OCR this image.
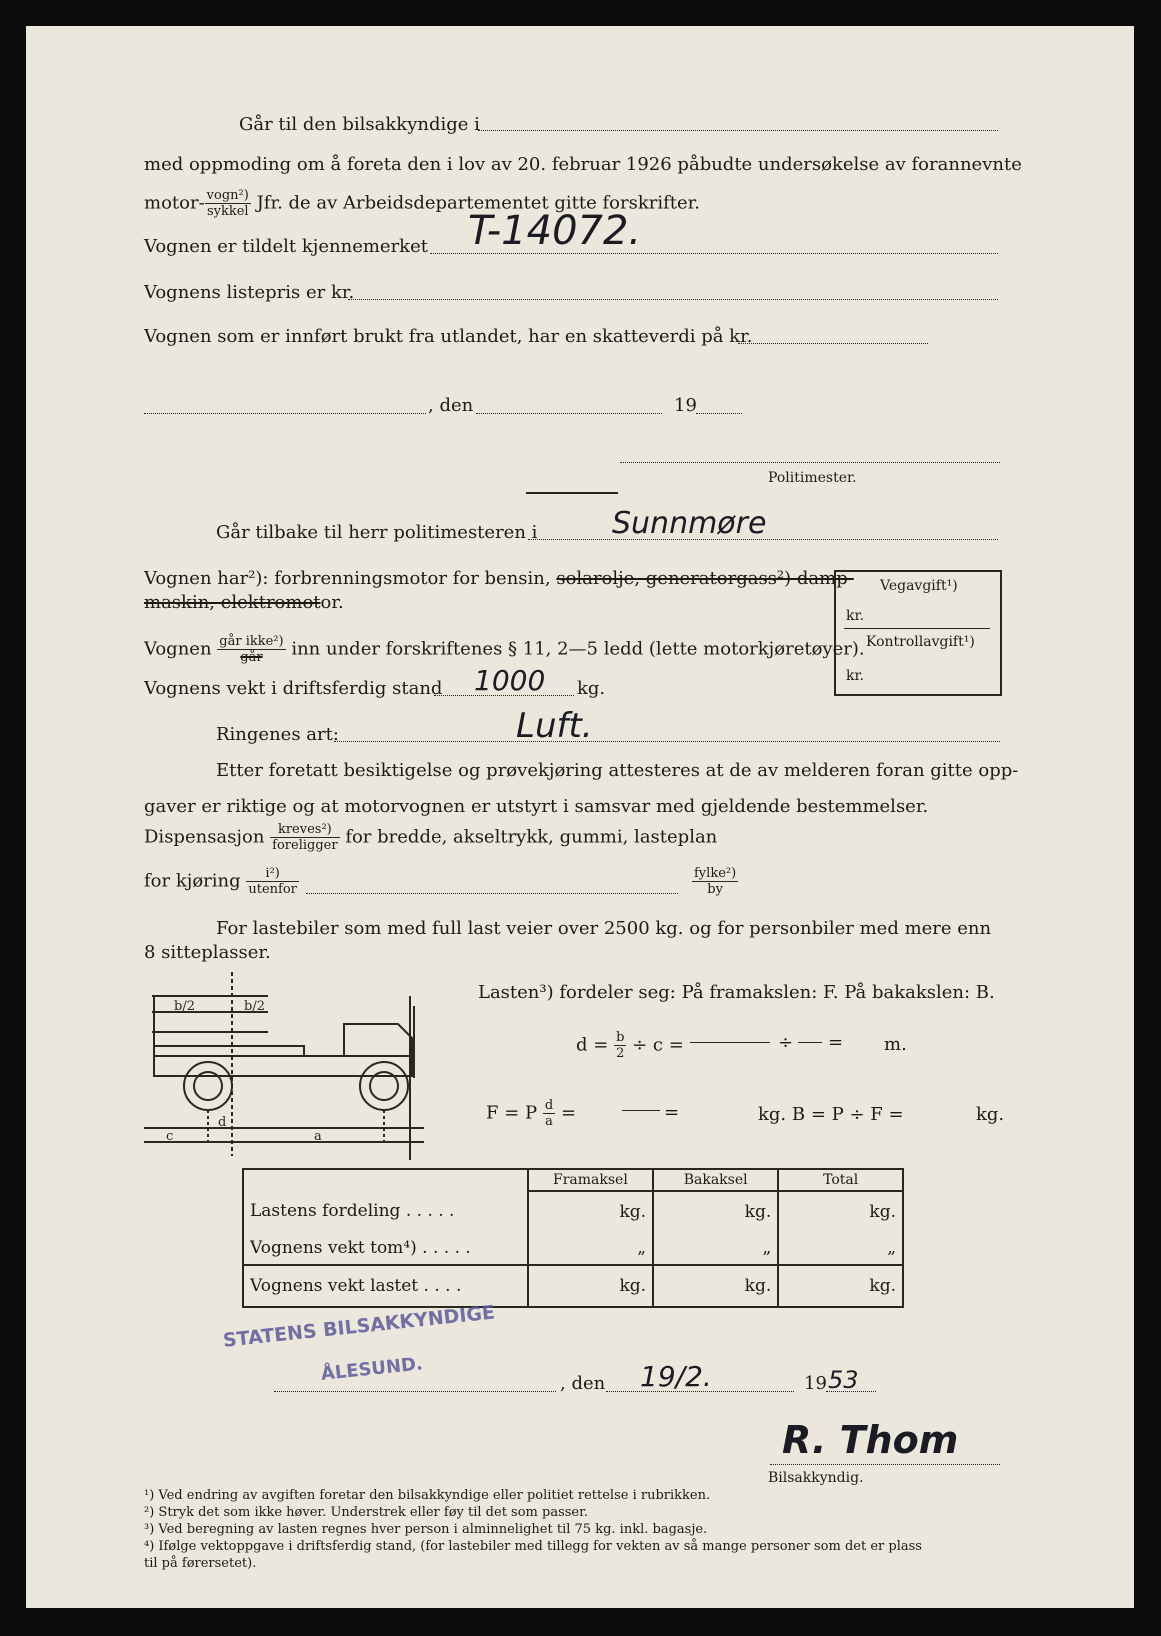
Går til den bilsakkyndige i
med oppmoding om å foreta den i lov av 20. februar 1926 påbudte undersøkelse av forannevnte
motor- $\frac{\text{vogn²)}}{\text{sykkel}}$ Jfr. de av Arbeidsdepartementet gitte forskrifter.
Vognen er tildelt kjennemerket T-14072.
Vognens listepris er kr.
Vognen som er innført brukt fra utlandet, har en skatteverdi på kr.
, den	19
Politimester.
Går tilbake til herr politimesteren i Sunnmøre
Vognen har²): forbrenningsmotor for bensin, solarolje, generatorgass²) damp-
maskin, elektromotor.
Vegavgift¹)
kr.
Kontrollavgift¹)
kr.
Vognen $\frac{\text{går ikke²)}}{\text{går}}$ inn under forskriftenes § 11, 2—5 ledd (lette motorkjøretøyer).
Vognens vekt i driftsferdig stand 1000 kg.
Ringenes art:	Luft.
Etter foretatt besiktigelse og prøvekjøring attesteres at de av melderen foran gitte opp-
gaver er riktige og at motorvognen er utstyrt i samsvar med gjeldende bestemmelser.
Dispensasjon $\frac{\text{kreves²)}}{\text{foreligger}}$ for bredde, akseltrykk, gummi, lasteplan
for kjøring $\frac{\text{i²)}}{\text{utenfor}}$	$\frac{\text{fylke²)}}{by}$
For lastebiler som med full last veier over 2500 kg. og for personbiler med mere enn
8 sitteplasser.
b/2	b/2
c
d
a
Lasten³) fordeler seg: På framakslen: F. På bakakslen: B.
$d = \frac{b}{2} \div c$ =	÷ = m.
F = P $\frac{d}{a}$ =	=	kg. B = P ÷ F =	kg.
	Framaksel	Bakaksel	Total
Lastens fordeling . . . . .	kg.	kg.	kg.
Vognens vekt tom⁴) . . . . .	„	„	„
Vognens vekt lastet . . . .	kg.	kg.	kg.
STATENS BILSAKKYNDIGE
ÅLESUND.	, den 19/2.	19 53
R. Thom
Bilsakkyndig.
¹) Ved endring av avgiften foretar den bilsakkyndige eller politiet rettelse i rubrikken.
²) Stryk det som ikke høver. Understrek eller føy til det som passer.
³) Ved beregning av lasten regnes hver person i alminnelighet til 75 kg. inkl. bagasje.
⁴) Ifølge vektoppgave i driftsferdig stand, (for lastebiler med tillegg for vekten av så mange personer som det er plass
til på førersetet).
